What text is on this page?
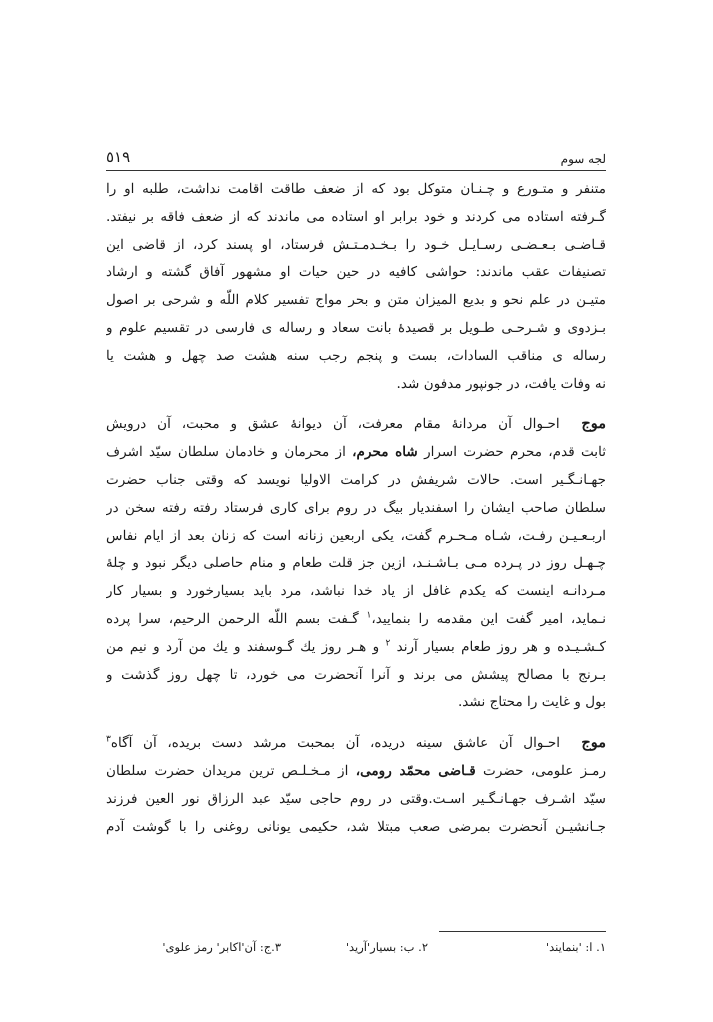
لجه سوم
٥١٩

متنفر و متـورع و چـنـان متوکل بود که از ضعف طاقت اقامت نداشت، طلبه او را
گـرفته استاده می کردند و خود برابر او استاده می ماندند که از ضعف فاقه بر نیفتد.
قـاضـی بـعـضـی رسـایـل خـود را بـخـدمـتـش فرستاد، او پسند کرد، از قاضی این
تصنیفات عقب ماندند: حواشی کافیه در حین حیات او مشهور آفاق گشته و ارشاد
متیـن در علم نحو و بدیع المیزان متن و بحر مواج تفسیر کلام اللّه و شرحی بر اصول
بـزدوی و شـرحـی طـویل بر قصیدهٔ بانت سعاد و رساله ی فارسی در تقسیم علوم و
رساله ی مناقب السادات، بست و پنجم رجب سنه هشت صد چهل و هشت یا
نه وفات یافت، در جونپور مدفون شد.

موج  احـوال آن مردانهٔ مقام معرفت، آن دیوانهٔ عشق و محبت، آن درویش
ثابت قدم، محرم حضرت اسرار شاه محرم، از محرمان و خادمان سلطان سیّد اشرف
جهـانـگـیر است. حالات شریفش در کرامت الاولیا نویسد که وقتی جناب حضرت
سلطان صاحب ایشان را اسفندیار بیگ در روم برای کاری فرستاد رفته رفته سخن در
اربـعـیـن رفـت، شـاه مـحـرم گفت، یکی اربعین زنانه است که زنان بعد از ایام نفاس
چـهـل روز در پـرده مـی بـاشـنـد، ازین جز قلت طعام و منام حاصلی دیگر نبود و چلهٔ
مـردانـه اینست که یکدم غافل از یاد خدا نباشد، مرد باید بسیارخورد و بسیار کار
نـماید، امیر گفت این مقدمه را بنمایید،$^١$ گـفت بسم اللّه الرحمن الرحیم، سرا پرده
کـشـیـده و هر روز طعام بسیار آرند $^٢$ و هـر روز یك گـوسفند و یك من آرد و نیم من
بـرنج با مصالح پیشش می برند و آنرا آنحضرت می خورد، تا چهل روز گذشت و
بول و غایت را محتاج نشد.

موج  احـوال آن عاشق سینه دریده، آن بمحبت مرشد دست بریده، آن آگاه$^٣$
رمـز علومی، حضرت قـاضی محمّد رومی، از مـخـلـص ترین مریدان حضرت سلطان
سیّد اشـرف جهـانـگـیر اسـت.وقتی در روم حاجی سیّد عبد الرزاق نور العین فرزند
جـانشیـن آنحضرت بمرضی صعب مبتلا شد، حکیمی یونانی روغنی را با گوشت آدم

١. ا: 'بنمایند'
٢. ب: بسیار'آرید'
٣.ج: آن'اکابر' رمز علوی'
